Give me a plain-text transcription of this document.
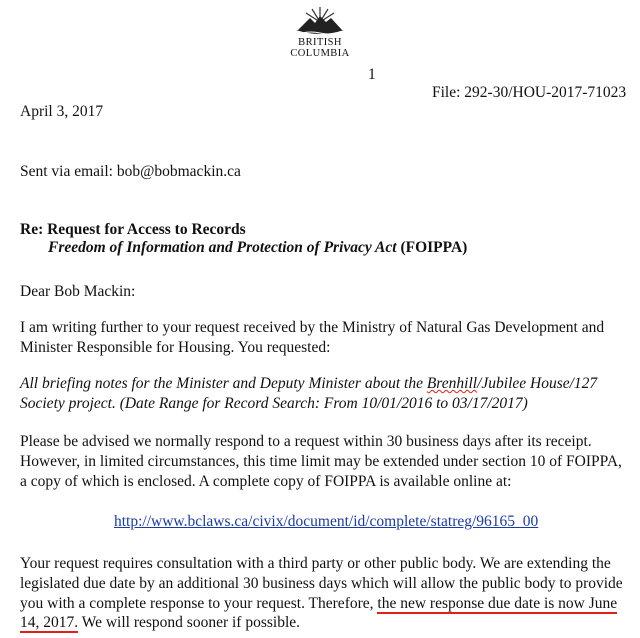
BRITISH
COLUMBIA
1
File: 292-30/HOU-2017-71023
April 3, 2017
Sent via email: bob@bobmackin.ca
Re: Request for Access to Records
Freedom of Information and Protection of Privacy Act (FOIPPA)
Dear Bob Mackin:
I am writing further to your request received by the Ministry of Natural Gas Development and
Minister Responsible for Housing. You requested:
All briefing notes for the Minister and Deputy Minister about the Brenhill/Jubilee House/127
Society project. (Date Range for Record Search: From 10/01/2016 to 03/17/2017)
Please be advised we normally respond to a request within 30 business days after its receipt.
However, in limited circumstances, this time limit may be extended under section 10 of FOIPPA,
a copy of which is enclosed. A complete copy of FOIPPA is available online at:
http://www.bclaws.ca/civix/document/id/complete/statreg/96165_00
Your request requires consultation with a third party or other public body. We are extending the
legislated due date by an additional 30 business days which will allow the public body to provide
you with a complete response to your request. Therefore, the new response due date is now June
14, 2017. We will respond sooner if possible.
